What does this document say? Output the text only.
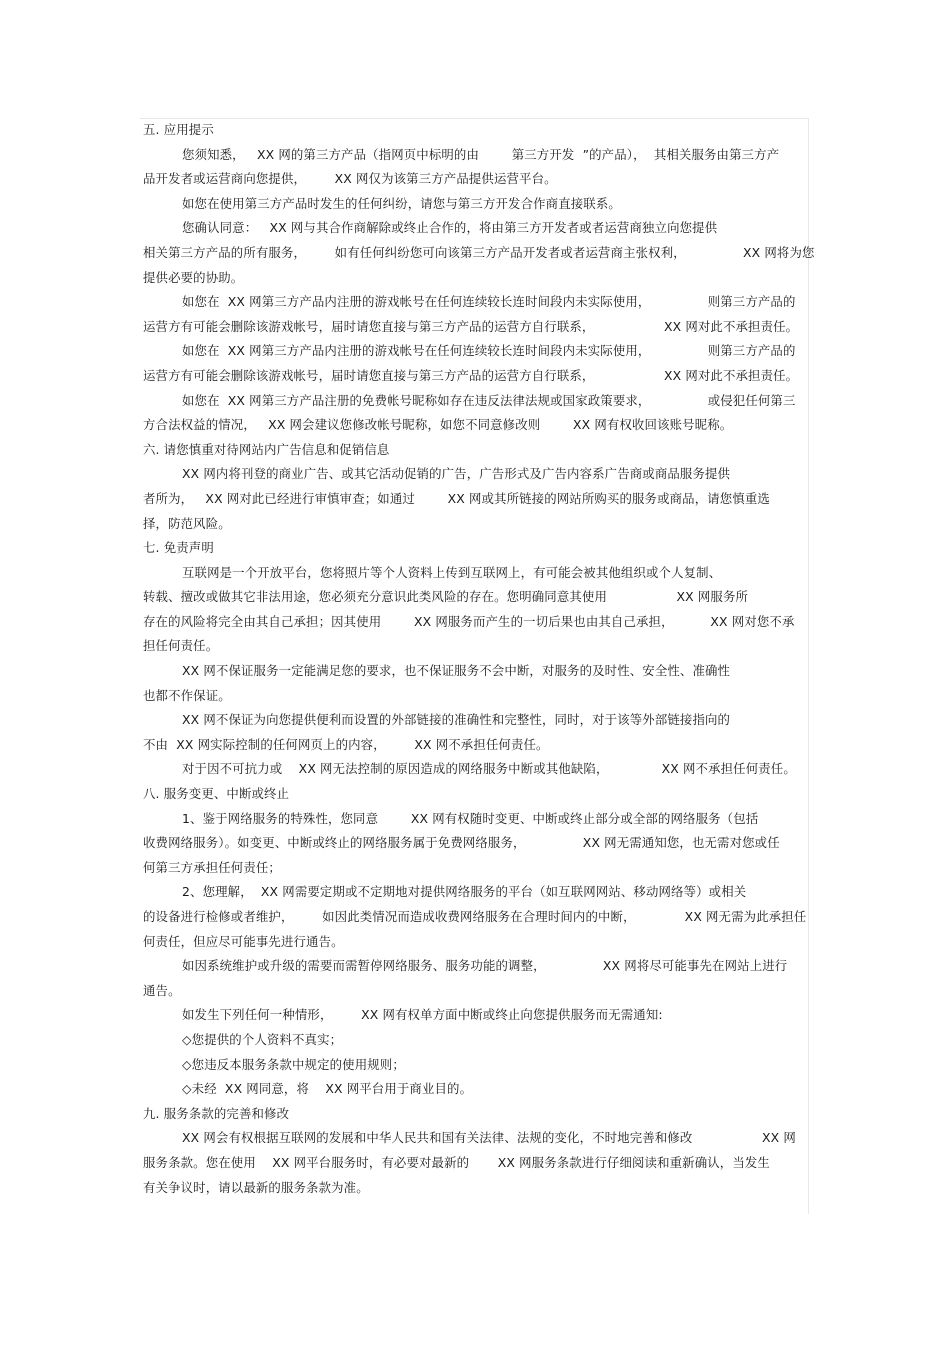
五. 应用提示
您须知悉，   XX 网的第三方产品（指网页中标明的由        第三方开发  ”的产品），  其相关服务由第三方产
品开发者或运营商向您提供，       XX 网仅为该第三方产品提供运营平台。
如您在使用第三方产品时发生的任何纠纷，请您与第三方开发合作商直接联系。
您确认同意：   XX 网与其合作商解除或终止合作的，将由第三方开发者或者运营商独立向您提供
相关第三方产品的所有服务，       如有任何纠纷您可向该第三方产品开发者或者运营商主张权利，              XX 网将为您
提供必要的协助。
如您在  XX 网第三方产品内注册的游戏帐号在任何连续较长连时间段内未实际使用，              则第三方产品的
运营方有可能会删除该游戏帐号，届时请您直接与第三方产品的运营方自行联系，                 XX 网对此不承担责任。
如您在  XX 网第三方产品内注册的游戏帐号在任何连续较长连时间段内未实际使用，              则第三方产品的
运营方有可能会删除该游戏帐号，届时请您直接与第三方产品的运营方自行联系，                 XX 网对此不承担责任。
如您在  XX 网第三方产品注册的免费帐号昵称如存在违反法律法规或国家政策要求，              或侵犯任何第三
方合法权益的情况，   XX 网会建议您修改帐号昵称，如您不同意修改则        XX 网有权收回该账号昵称。
六. 请您慎重对待网站内广告信息和促销信息
XX 网内将刊登的商业广告、或其它活动促销的广告，广告形式及广告内容系广告商或商品服务提供
者所为，   XX 网对此已经进行审慎审查；如通过        XX 网或其所链接的网站所购买的服务或商品，请您慎重选
择，防范风险。
七. 免责声明
互联网是一个开放平台，您将照片等个人资料上传到互联网上，有可能会被其他组织或个人复制、
转载、擅改或做其它非法用途，您必须充分意识此类风险的存在。您明确同意其使用                 XX 网服务所
存在的风险将完全由其自己承担；因其使用        XX 网服务而产生的一切后果也由其自己承担，         XX 网对您不承
担任何责任。
XX 网不保证服务一定能满足您的要求，也不保证服务不会中断，对服务的及时性、安全性、准确性
也都不作保证。
XX 网不保证为向您提供便利而设置的外部链接的准确性和完整性，同时，对于该等外部链接指向的
不由  XX 网实际控制的任何网页上的内容，       XX 网不承担任何责任。
对于因不可抗力或    XX 网无法控制的原因造成的网络服务中断或其他缺陷，             XX 网不承担任何责任。
八. 服务变更、中断或终止
1、鉴于网络服务的特殊性，您同意        XX 网有权随时变更、中断或终止部分或全部的网络服务（包括
收费网络服务）。如变更、中断或终止的网络服务属于免费网络服务，              XX 网无需通知您，也无需对您或任
何第三方承担任何责任；
2、您理解，  XX 网需要定期或不定期地对提供网络服务的平台（如互联网网站、移动网络等）或相关
的设备进行检修或者维护，       如因此类情况而造成收费网络服务在合理时间内的中断，            XX 网无需为此承担任
何责任，但应尽可能事先进行通告。
如因系统维护或升级的需要而需暂停网络服务、服务功能的调整，              XX 网将尽可能事先在网站上进行
通告。
如发生下列任何一种情形，       XX 网有权单方面中断或终止向您提供服务而无需通知:
◇您提供的个人资料不真实；
◇您违反本服务条款中规定的使用规则；
◇未经  XX 网同意，将    XX 网平台用于商业目的。
九. 服务条款的完善和修改
XX 网会有权根据互联网的发展和中华人民共和国有关法律、法规的变化，不时地完善和修改                 XX 网
服务条款。您在使用    XX 网平台服务时，有必要对最新的       XX 网服务条款进行仔细阅读和重新确认，当发生
有关争议时，请以最新的服务条款为准。
